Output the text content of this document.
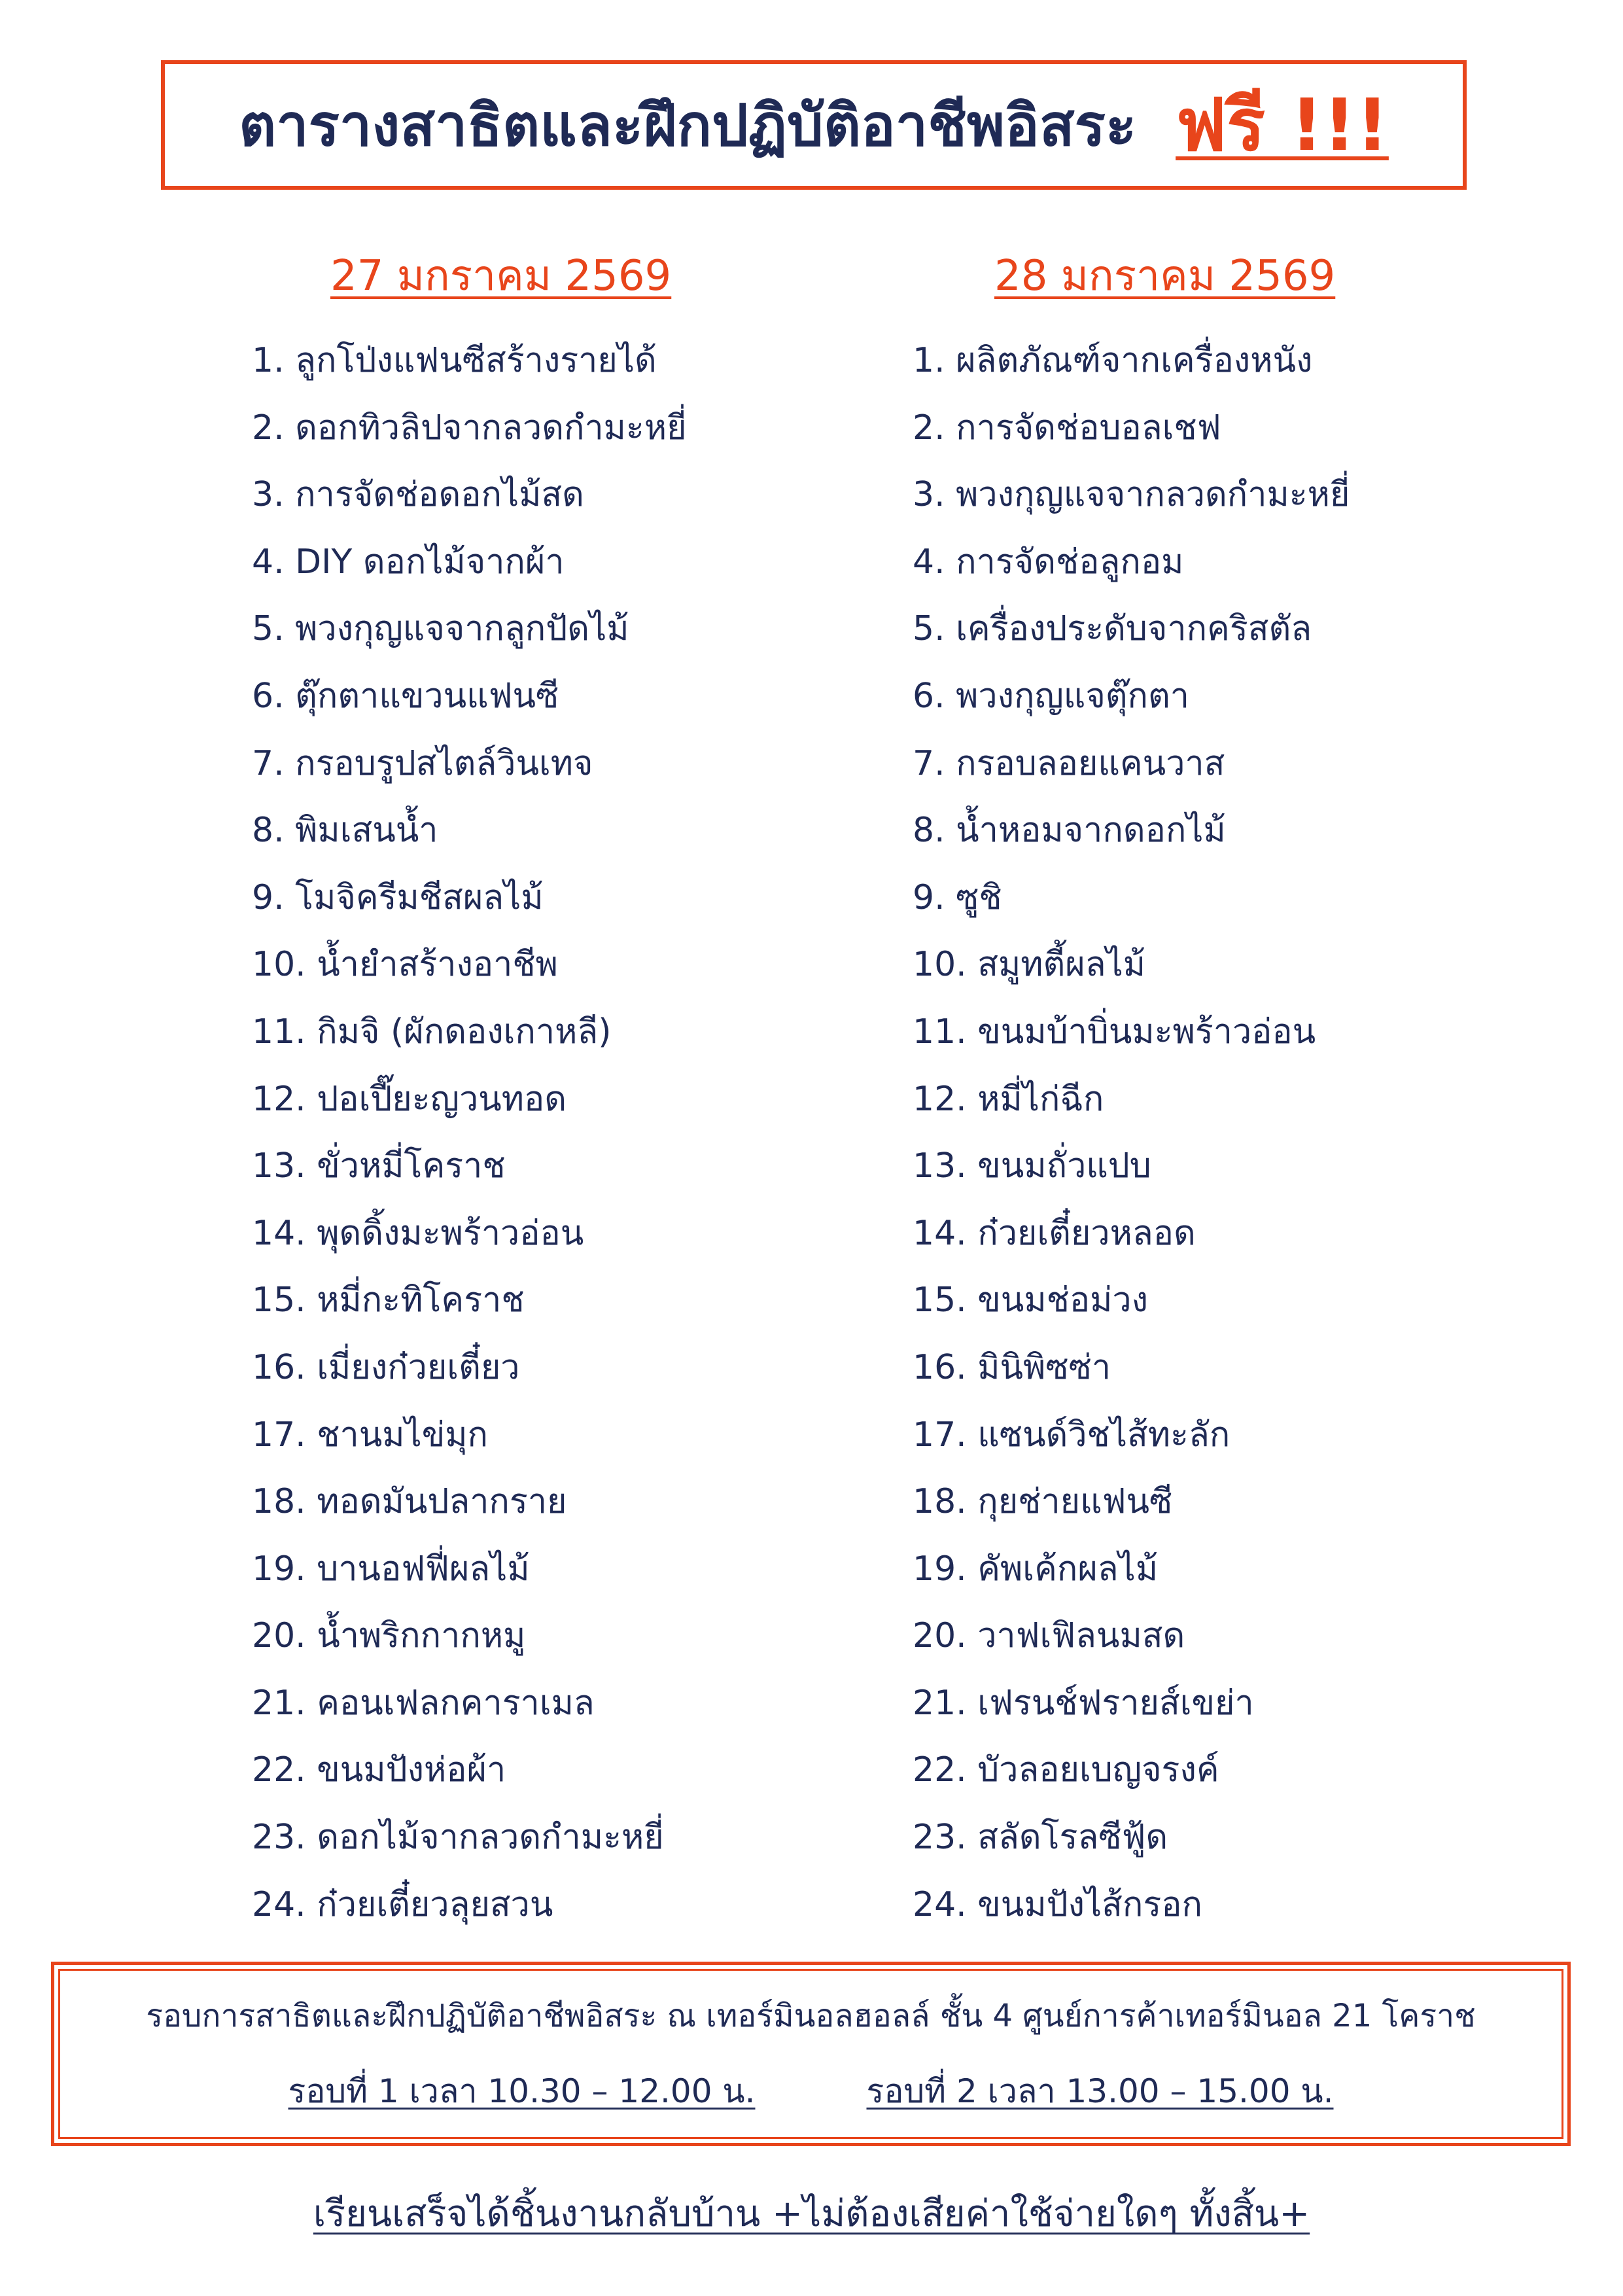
ตารางสาธิตและฝึกปฏิบัติอาชีพอิสระ ฟรี !!!
27 มกราคม 2569
1. ลูกโป่งแฟนซีสร้างรายได้
2. ดอกทิวลิปจากลวดกำมะหยี่
3. การจัดช่อดอกไม้สด
4. DIY ดอกไม้จากผ้า
5. พวงกุญแจจากลูกปัดไม้
6. ตุ๊กตาแขวนแฟนซี
7. กรอบรูปสไตล์วินเทจ
8. พิมเสนน้ำ
9. โมจิครีมชีสผลไม้
10. น้ำยำสร้างอาชีพ
11. กิมจิ (ผักดองเกาหลี)
12. ปอเปี๊ยะญวนทอด
13. ขั่วหมี่โคราช
14. พุดดิ้งมะพร้าวอ่อน
15. หมี่กะทิโคราช
16. เมี่ยงก๋วยเตี๋ยว
17. ชานมไข่มุก
18. ทอดมันปลากราย
19. บานอฟฟี่ผลไม้
20. น้ำพริกกากหมู
21. คอนเฟลกคาราเมล
22. ขนมปังห่อผ้า
23. ดอกไม้จากลวดกำมะหยี่
24. ก๋วยเตี๋ยวลุยสวน
28 มกราคม 2569
1. ผลิตภัณฑ์จากเครื่องหนัง
2. การจัดช่อบอลเชฟ
3. พวงกุญแจจากลวดกำมะหยี่
4. การจัดช่อลูกอม
5. เครื่องประดับจากคริสตัล
6. พวงกุญแจตุ๊กตา
7. กรอบลอยแคนวาส
8. น้ำหอมจากดอกไม้
9. ซูชิ
10. สมูทตี้ผลไม้
11. ขนมบ้าบิ่นมะพร้าวอ่อน
12. หมี่ไก่ฉีก
13. ขนมถั่วแปบ
14. ก๋วยเตี๋ยวหลอด
15. ขนมช่อม่วง
16. มินิพิซซ่า
17. แซนด์วิชไส้ทะลัก
18. กุยช่ายแฟนซี
19. คัพเค้กผลไม้
20. วาฟเฟิลนมสด
21. เฟรนช์ฟรายส์เขย่า
22. บัวลอยเบญจรงค์
23. สลัดโรลซีฟู้ด
24. ขนมปังไส้กรอก
รอบการสาธิตและฝึกปฏิบัติอาชีพอิสระ ณ เทอร์มินอลฮอลล์ ชั้น 4 ศูนย์การค้าเทอร์มินอล 21 โคราช
รอบที่ 1 เวลา 10.30 – 12.00 น.	รอบที่ 2 เวลา 13.00 – 15.00 น.
เรียนเสร็จได้ชิ้นงานกลับบ้าน +ไม่ต้องเสียค่าใช้จ่ายใดๆ ทั้งสิ้น+
